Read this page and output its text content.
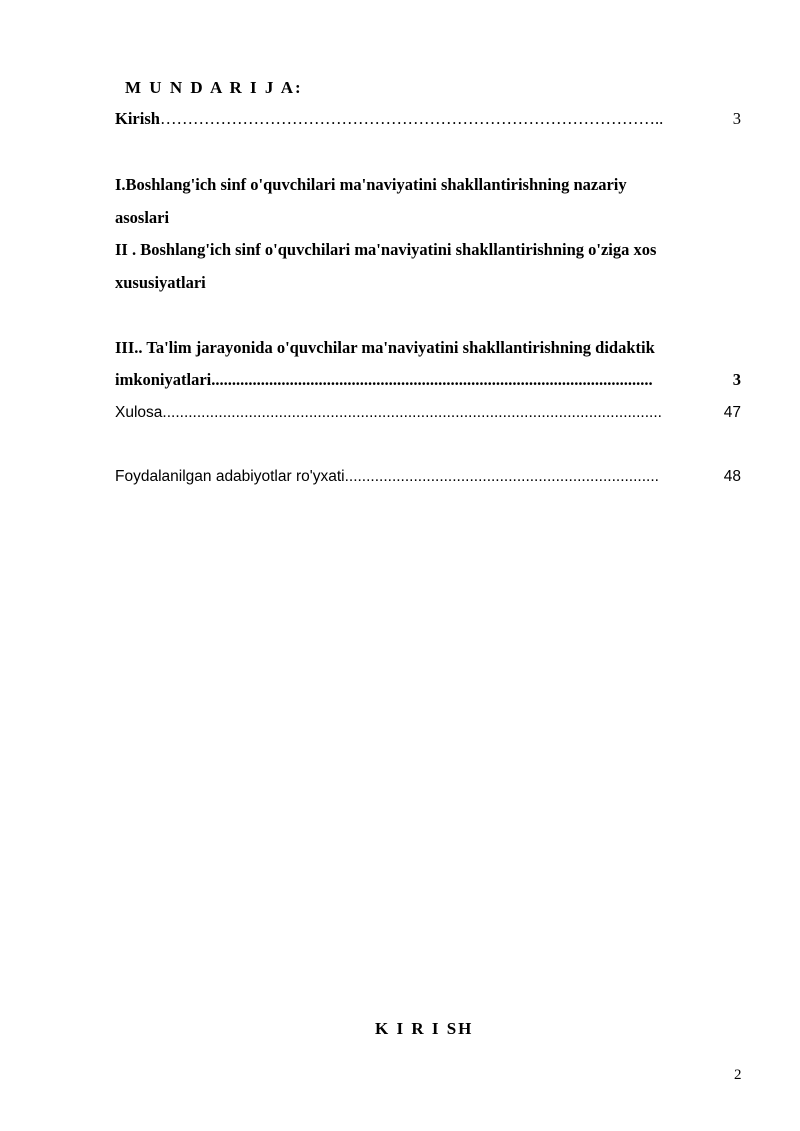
M U N D A R I J A:
Kirish ………………………………………………………………………………..	3
I.Boshlang'ich sinf o'quvchilari ma'naviyatini shakllantirishning nazariy
asoslari
II . Boshlang'ich sinf o'quvchilari ma'naviyatini shakllantirishning o'ziga xos
xususiyatlari
III.. Ta'lim jarayonida o'quvchilar ma'naviyatini shakllantirishning didaktik
imkoniyatlari ...........................................................................................................	3
Xulosa ....................................................................................................................	47
Foydalanilgan adabiyotlar ro'yxati .........................................................................	48
K I R I SH
2
